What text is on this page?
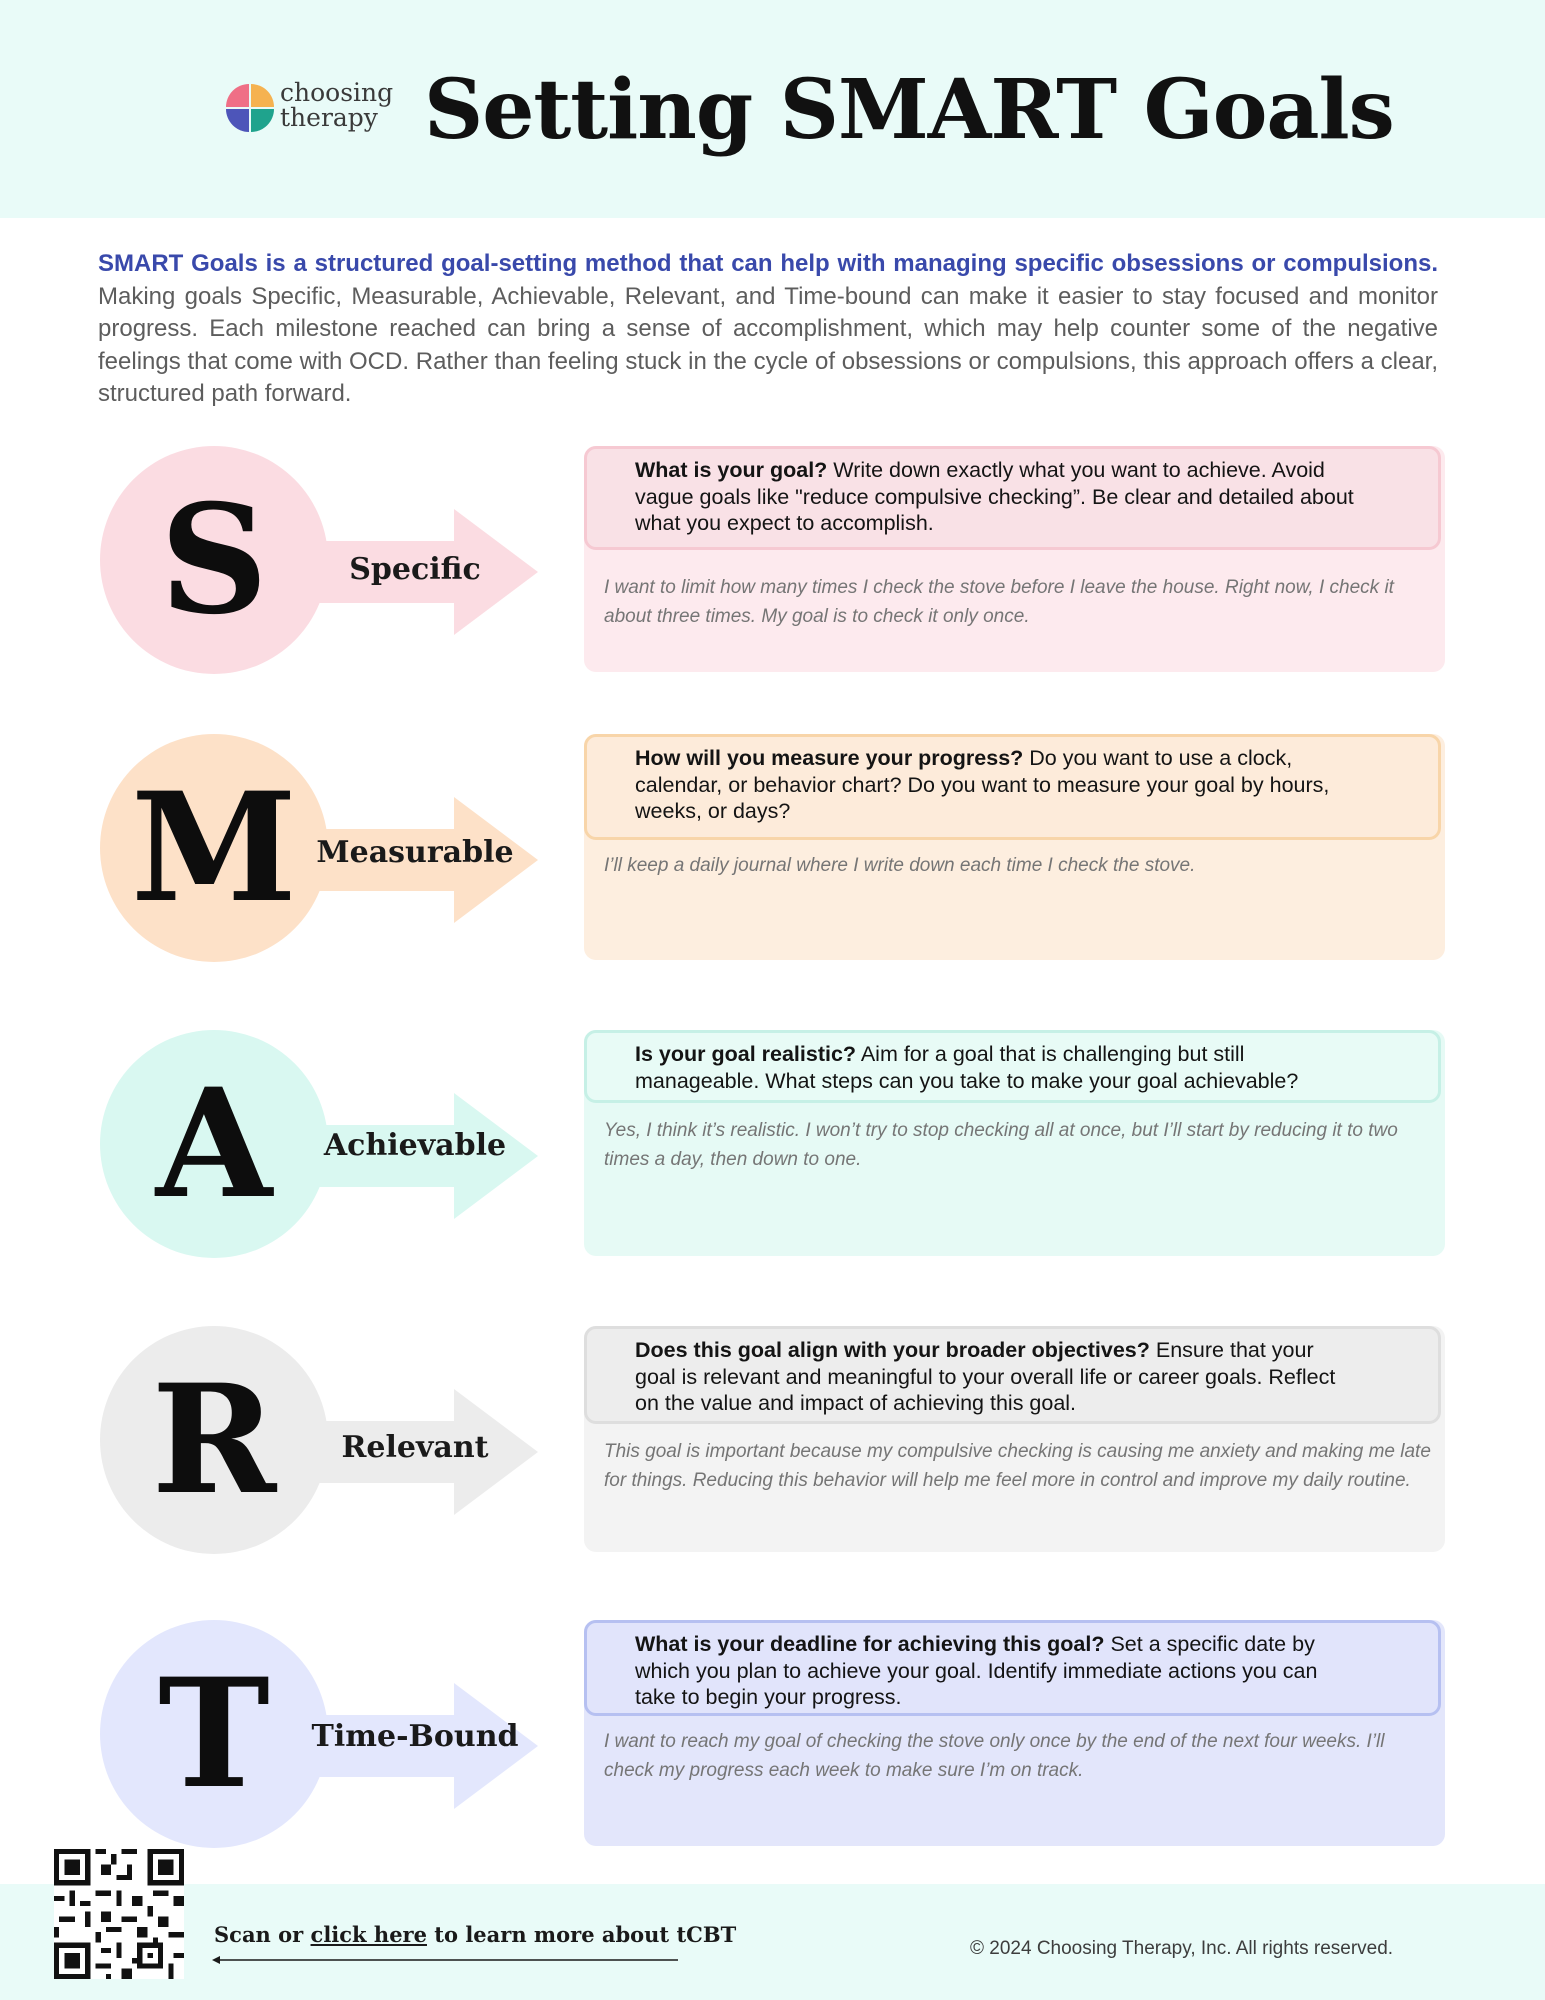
choosing
therapy Setting SMART Goals

SMART Goals is a structured goal-setting method that can help with managing specific obsessions or compulsions. Making goals Specific, Measurable, Achievable, Relevant, and Time-bound can make it easier to stay focused and monitor progress. Each milestone reached can bring a sense of accomplishment, which may help counter some of the negative feelings that come with OCD. Rather than feeling stuck in the cycle of obsessions or compulsions, this approach offers a clear, structured path forward.

S	Specific

What is your goal? Write down exactly what you want to achieve. Avoid vague goals like "reduce compulsive checking”. Be clear and detailed about what you expect to accomplish.

I want to limit how many times I check the stove before I leave the house. Right now, I check it about three times. My goal is to check it only once.

M Measurable

How will you measure your progress? Do you want to use a clock, calendar, or behavior chart? Do you want to measure your goal by hours, weeks, or days?

I’ll keep a daily journal where I write down each time I check the stove.

A	Achievable

Is your goal realistic? Aim for a goal that is challenging but still manageable. What steps can you take to make your goal achievable?

Yes, I think it’s realistic. I won’t try to stop checking all at once, but I’ll start by reducing it to two times a day, then down to one.

R	Relevant

Does this goal align with your broader objectives? Ensure that your goal is relevant and meaningful to your overall life or career goals. Reflect on the value and impact of achieving this goal.

This goal is important because my compulsive checking is causing me anxiety and making me late for things. Reducing this behavior will help me feel more in control and improve my daily routine.

T	Time-Bound

What is your deadline for achieving this goal? Set a specific date by which you plan to achieve your goal. Identify immediate actions you can take to begin your progress.

I want to reach my goal of checking the stove only once by the end of the next four weeks. I’ll check my progress each week to make sure I’m on track.

Scan or click here to learn more about tCBT
© 2024 Choosing Therapy, Inc. All rights reserved.
